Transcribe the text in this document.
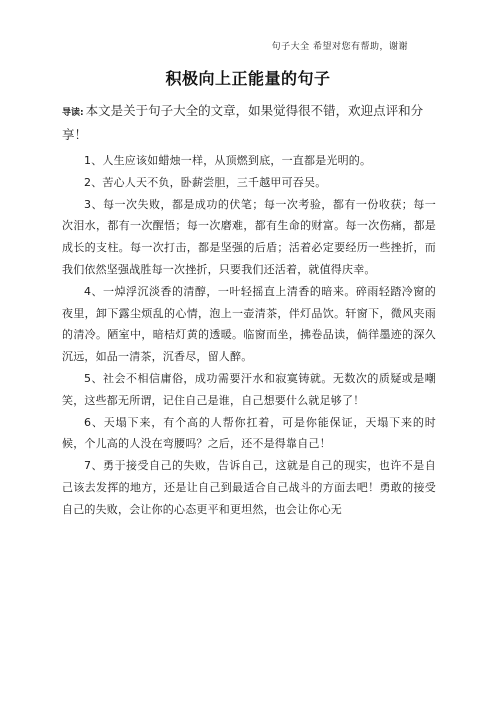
句子大全 希望对您有帮助，谢谢
积极向上正能量的句子
导读: 本文是关于句子大全的文章，如果觉得很不错，欢迎点评和分享！

1、人生应该如蜡烛一样，从顶燃到底，一直都是光明的。

2、苦心人天不负，卧薪尝胆，三千越甲可吞吴。

3、每一次失败，都是成功的伏笔；每一次考验，都有一份收获；每一次泪水，都有一次醒悟；每一次磨难，都有生命的财富。每一次伤痛，都是成长的支柱。每一次打击，都是坚强的后盾；活着必定要经历一些挫折，而我们依然坚强战胜每一次挫折，只要我们还活着，就值得庆幸。

4、一焯浮沉淡香的清醇，一叶轻摇直上清香的暗来。碎雨轻踏冷窗的夜里，卸下露尘烦乱的心情，泡上一壶清茶，伴灯品饮。轩窗下，微风夹雨的清冷。陋室中，暗桔灯黄的透暖。临窗而坐，拂卷品读，倘徉墨迹的深久沉远，如品一清茶，沉香尽，留人醉。

5、社会不相信庸俗，成功需要汗水和寂寞铸就。无数次的质疑或是嘲笑，这些都无所谓，记住自己是谁，自己想要什么就足够了！

6、天塌下来，有个高的人帮你扛着，可是你能保证，天塌下来的时候，个儿高的人没在弯腰吗？之后，还不是得靠自己！

7、勇于接受自己的失败，告诉自己，这就是自己的现实，也许不是自己该去发挥的地方，还是让自己到最适合自己战斗的方面去吧！勇敢的接受自己的失败，会让你的心态更平和更坦然，也会让你心无
